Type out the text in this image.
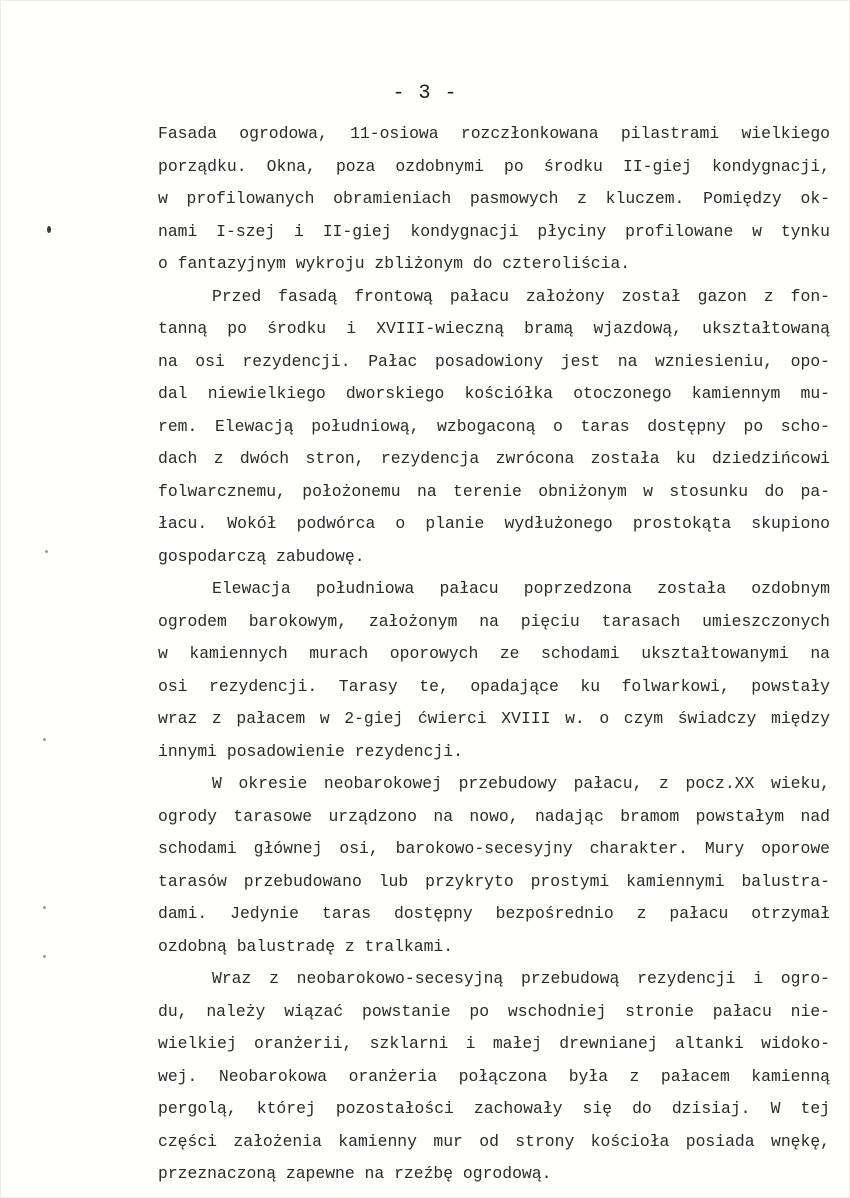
- 3 -
Fasada ogrodowa, 11-osiowa rozczłonkowana pilastrami wielkiego
porządku. Okna, poza ozdobnymi po środku II-giej kondygnacji,
w profilowanych obramieniach pasmowych z kluczem. Pomiędzy ok-
nami I-szej i II-giej kondygnacji płyciny profilowane w tynku
o fantazyjnym wykroju zbliżonym do czteroliścia.
Przed fasadą frontową pałacu założony został gazon z fon-
tanną po środku i XVIII-wieczną bramą wjazdową, ukształtowaną
na osi rezydencji. Pałac posadowiony jest na wzniesieniu, opo-
dal niewielkiego dworskiego kościółka otoczonego kamiennym mu-
rem. Elewacją południową, wzbogaconą o taras dostępny po scho-
dach z dwóch stron, rezydencja zwrócona została ku dziedzińcowi
folwarcznemu, położonemu na terenie obniżonym w stosunku do pa-
łacu. Wokół podwórca o planie wydłużonego prostokąta skupiono
gospodarczą zabudowę.
Elewacja południowa pałacu poprzedzona została ozdobnym
ogrodem barokowym, założonym na pięciu tarasach umieszczonych
w kamiennych murach oporowych ze schodami ukształtowanymi na
osi rezydencji. Tarasy te, opadające ku folwarkowi, powstały
wraz z pałacem w 2-giej ćwierci XVIII w. o czym świadczy między
innymi posadowienie rezydencji.
W okresie neobarokowej przebudowy pałacu, z pocz.XX wieku,
ogrody tarasowe urządzono na nowo, nadając bramom powstałym nad
schodami głównej osi, barokowo-secesyjny charakter. Mury oporowe
tarasów przebudowano lub przykryto prostymi kamiennymi balustra-
dami. Jedynie taras dostępny bezpośrednio z pałacu otrzymał
ozdobną balustradę z tralkami.
Wraz z neobarokowo-secesyjną przebudową rezydencji i ogro-
du, należy wiązać powstanie po wschodniej stronie pałacu nie-
wielkiej oranżerii, szklarni i małej drewnianej altanki widoko-
wej. Neobarokowa oranżeria połączona była z pałacem kamienną
pergolą, której pozostałości zachowały się do dzisiaj. W tej
części założenia kamienny mur od strony kościoła posiada wnękę,
przeznaczoną zapewne na rzeźbę ogrodową.
